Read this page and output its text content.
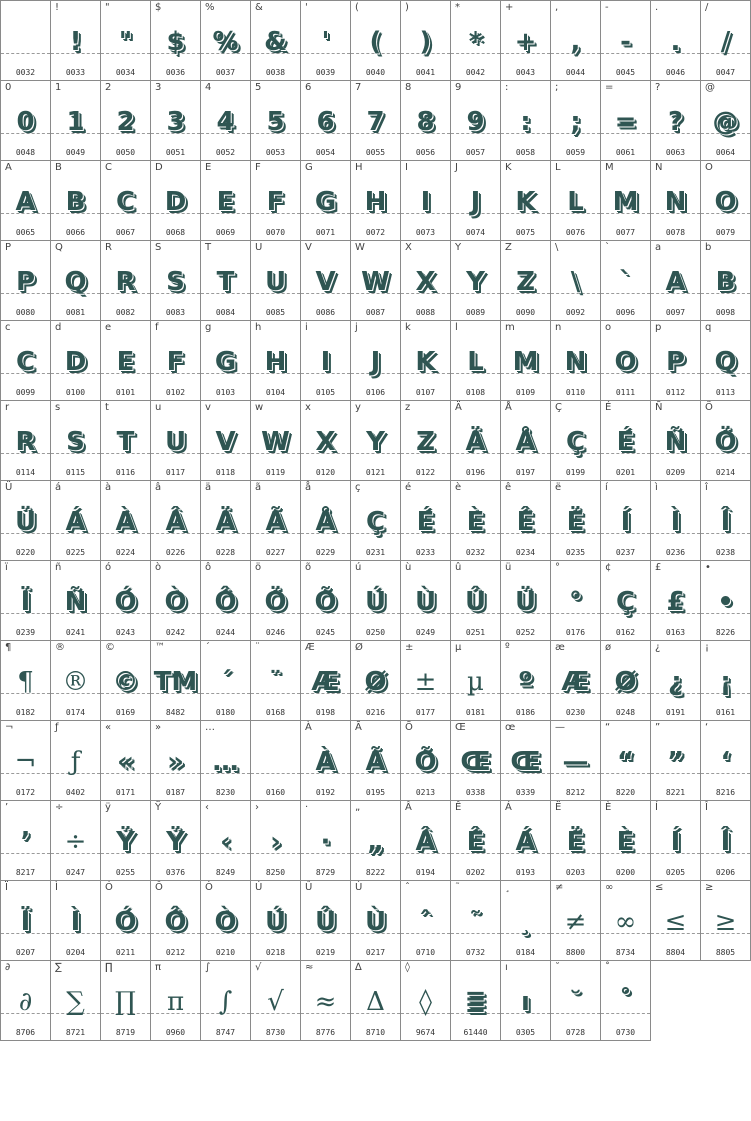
0032
!
!
0033
"
"
0034
$
$
0036
%
%
0037
&
&
0038
'
'
0039
(
(
0040
)
)
0041
*
*
0042
+
+
0043
,
,
0044
-
-
0045
.
.
0046
/
/
0047
0
0
0048
1
1
0049
2
2
0050
3
3
0051
4
4
0052
5
5
0053
6
6
0054
7
7
0055
8
8
0056
9
9
0057
:
:
0058
;
;
0059
=
=
0061
?
?
0063
@
@
0064
A
A
0065
B
B
0066
C
C
0067
D
D
0068
E
E
0069
F
F
0070
G
G
0071
H
H
0072
I
I
0073
J
J
0074
K
K
0075
L
L
0076
M
M
0077
N
N
0078
O
O
0079
P
P
0080
Q
Q
0081
R
R
0082
S
S
0083
T
T
0084
U
U
0085
V
V
0086
W
W
0087
X
X
0088
Y
Y
0089
Z
Z
0090
\
\
0092
`
`
0096
a
A
0097
b
B
0098
c
C
0099
d
D
0100
e
E
0101
f
F
0102
g
G
0103
h
H
0104
i
I
0105
j
J
0106
k
K
0107
l
L
0108
m
M
0109
n
N
0110
o
O
0111
p
P
0112
q
Q
0113
r
R
0114
s
S
0115
t
T
0116
u
U
0117
v
V
0118
w
W
0119
x
X
0120
y
Y
0121
z
Z
0122
Ä
Ä
0196
Å
Å
0197
Ç
Ç
0199
É
É
0201
Ñ
Ñ
0209
Ö
Ö
0214
Ü
Ü
0220
á
Á
0225
à
À
0224
â
Â
0226
ä
Ä
0228
ã
Ã
0227
å
Å
0229
ç
Ç
0231
é
É
0233
è
È
0232
ê
Ê
0234
ë
Ë
0235
í
Í
0237
ì
Ì
0236
î
Î
0238
ï
Ï
0239
ñ
Ñ
0241
ó
Ó
0243
ò
Ò
0242
ô
Ô
0244
ö
Ö
0246
õ
Õ
0245
ú
Ú
0250
ù
Ù
0249
û
Û
0251
ü
Ü
0252
°
°
0176
¢
Ç
0162
£
£
0163
•
•
8226
¶
¶
0182
®
®
0174
©
©
0169
™
TM
8482
´
´
0180
¨
¨
0168
Æ
Æ
0198
Ø
Ø
0216
±
±
0177
µ
µ
0181
º
º
0186
æ
Æ
0230
ø
Ø
0248
¿
¿
0191
¡
¡
0161
¬
¬
0172
ƒ
ƒ
0402
«
«
0171
»
»
0187
…
…
8230	0160
À
À
0192
Ã
Ã
0195
Õ
Õ
0213
Œ
Œ
0338
œ
Œ
0339
—
—
8212
“
“
8220
”
”
8221
‘
‘
8216
’
’
8217
÷
÷
0247
ÿ
Ÿ
0255
Ÿ
Ÿ
0376
‹
‹
8249
›
›
8250
·
·
8729
„
„
8222
Â
Â
0194
Ê
Ê
0202
Á
Á
0193
Ë
Ë
0203
È
È
0200
Í
Í
0205
Î
Î
0206
Ï
Ï
0207
Ì
Ì
0204
Ó
Ó
0211
Ô
Ô
0212
Ò
Ò
0210
Ú
Ú
0218
Û
Û
0219
Ù
Ù
0217
ˆ
ˆ
0710
˜
˜
0732
¸
¸
0184
≠
≠
8800
∞
∞
8734
≤
≤
8804
≥
≥
8805
∂
∂
8706
∑
∑
8721
∏
∏
8719
π
π
0960
∫
∫
8747
√
√
8730
≈
≈
8776
∆
Δ
8710
◊
◊
9674
≣
61440
ı
ı
0305
˘
˘
0728
˚
˚
0730
